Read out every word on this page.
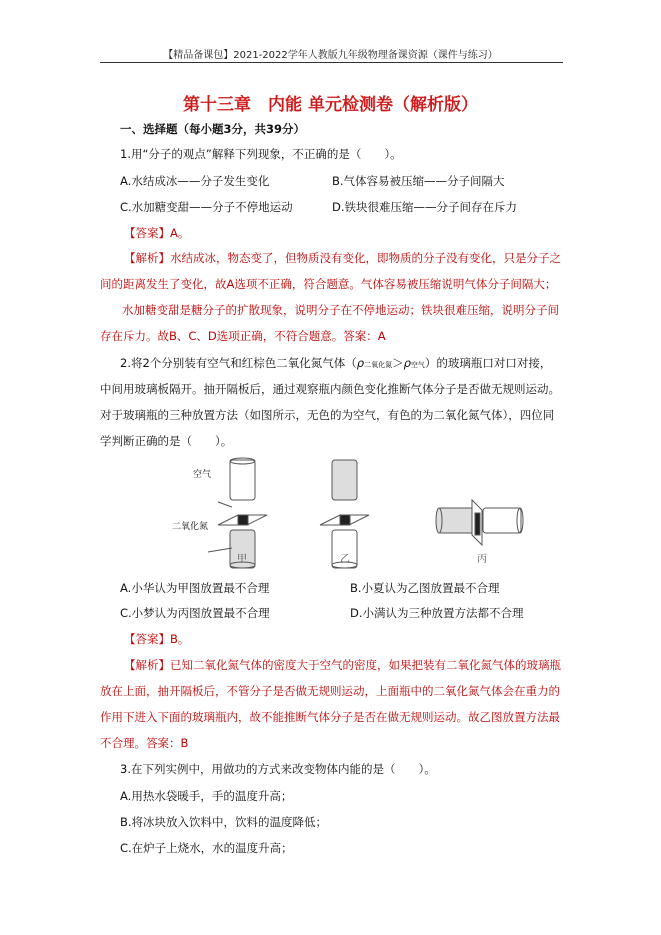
【精品备课包】2021-2022学年人教版九年级物理备课资源（课件与练习）
第十三章　内能 单元检测卷（解析版）
一、选择题（每小题3分，共39分）
1.用“分子的观点”解释下列现象，不正确的是（　　）。
A.水结成冰——分子发生变化	B.气体容易被压缩——分子间隔大
C.水加糖变甜——分子不停地运动	D.铁块很难压缩——分子间存在斥力
【答案】A。
【解析】水结成冰，物态变了，但物质没有变化，即物质的分子没有变化，只是分子之
间的距离发生了变化，故A选项不正确，符合题意。气体容易被压缩说明气体分子间隔大；
水加糖变甜是糖分子的扩散现象，说明分子在不停地运动；铁块很难压缩，说明分子间
存在斥力。故B、C、D选项正确，不符合题意。答案：A
2.将2个分别装有空气和红棕色二氧化氮气体（ρ二氧化氮＞ρ空气）的玻璃瓶口对口对接，
中间用玻璃板隔开。抽开隔板后，通过观察瓶内颜色变化推断气体分子是否做无规则运动。
对于玻璃瓶的三种放置方法（如图所示，无色的为空气，有色的为二氧化氮气体），四位同
学判断正确的是（　　）。
空气
二氧化氮
甲	乙	丙
A.小华认为甲图放置最不合理	B.小夏认为乙图放置最不合理
C.小梦认为丙图放置最不合理	D.小满认为三种放置方法都不合理
【答案】B。
【解析】已知二氧化氮气体的密度大于空气的密度，如果把装有二氧化氮气体的玻璃瓶
放在上面，抽开隔板后，不管分子是否做无规则运动，上面瓶中的二氧化氮气体会在重力的
作用下进入下面的玻璃瓶内，故不能推断气体分子是否在做无规则运动。故乙图放置方法最
不合理。答案：B
3.在下列实例中，用做功的方式来改变物体内能的是（　　）。
A.用热水袋暖手，手的温度升高；
B.将冰块放入饮料中，饮料的温度降低；
C.在炉子上烧水，水的温度升高；
